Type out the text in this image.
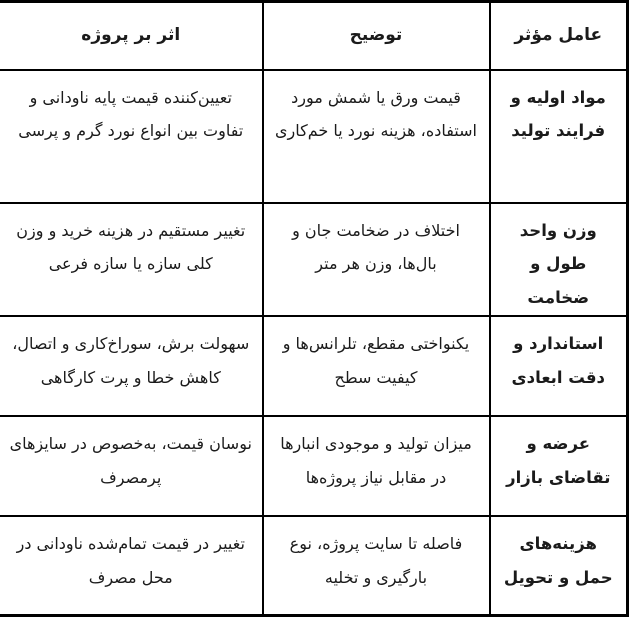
عامل مؤثر	توضیح	اثر بر پروژه
مواد اولیه و فرایند تولید	قیمت ورق یا شمش مورد استفاده، هزینه نورد یا خم‌کاری	تعیین‌کننده قیمت پایه ناودانی و تفاوت بین انواع نورد گرم و پرسی
وزن واحد طول و ضخامت	اختلاف در ضخامت جان و بال‌ها، وزن هر متر	تغییر مستقیم در هزینه خرید و وزن کلی سازه یا سازه فرعی
استاندارد و دقت ابعادی	یکنواختی مقطع، تلرانس‌ها و کیفیت سطح	سهولت برش، سوراخ‌کاری و اتصال، کاهش خطا و پرت کارگاهی
عرضه و تقاضای بازار	میزان تولید و موجودی انبارها در مقابل نیاز پروژه‌ها	نوسان قیمت، به‌خصوص در سایزهای پرمصرف
هزینه‌های حمل و تحویل	فاصله تا سایت پروژه، نوع بارگیری و تخلیه	تغییر در قیمت تمام‌شده ناودانی در محل مصرف
